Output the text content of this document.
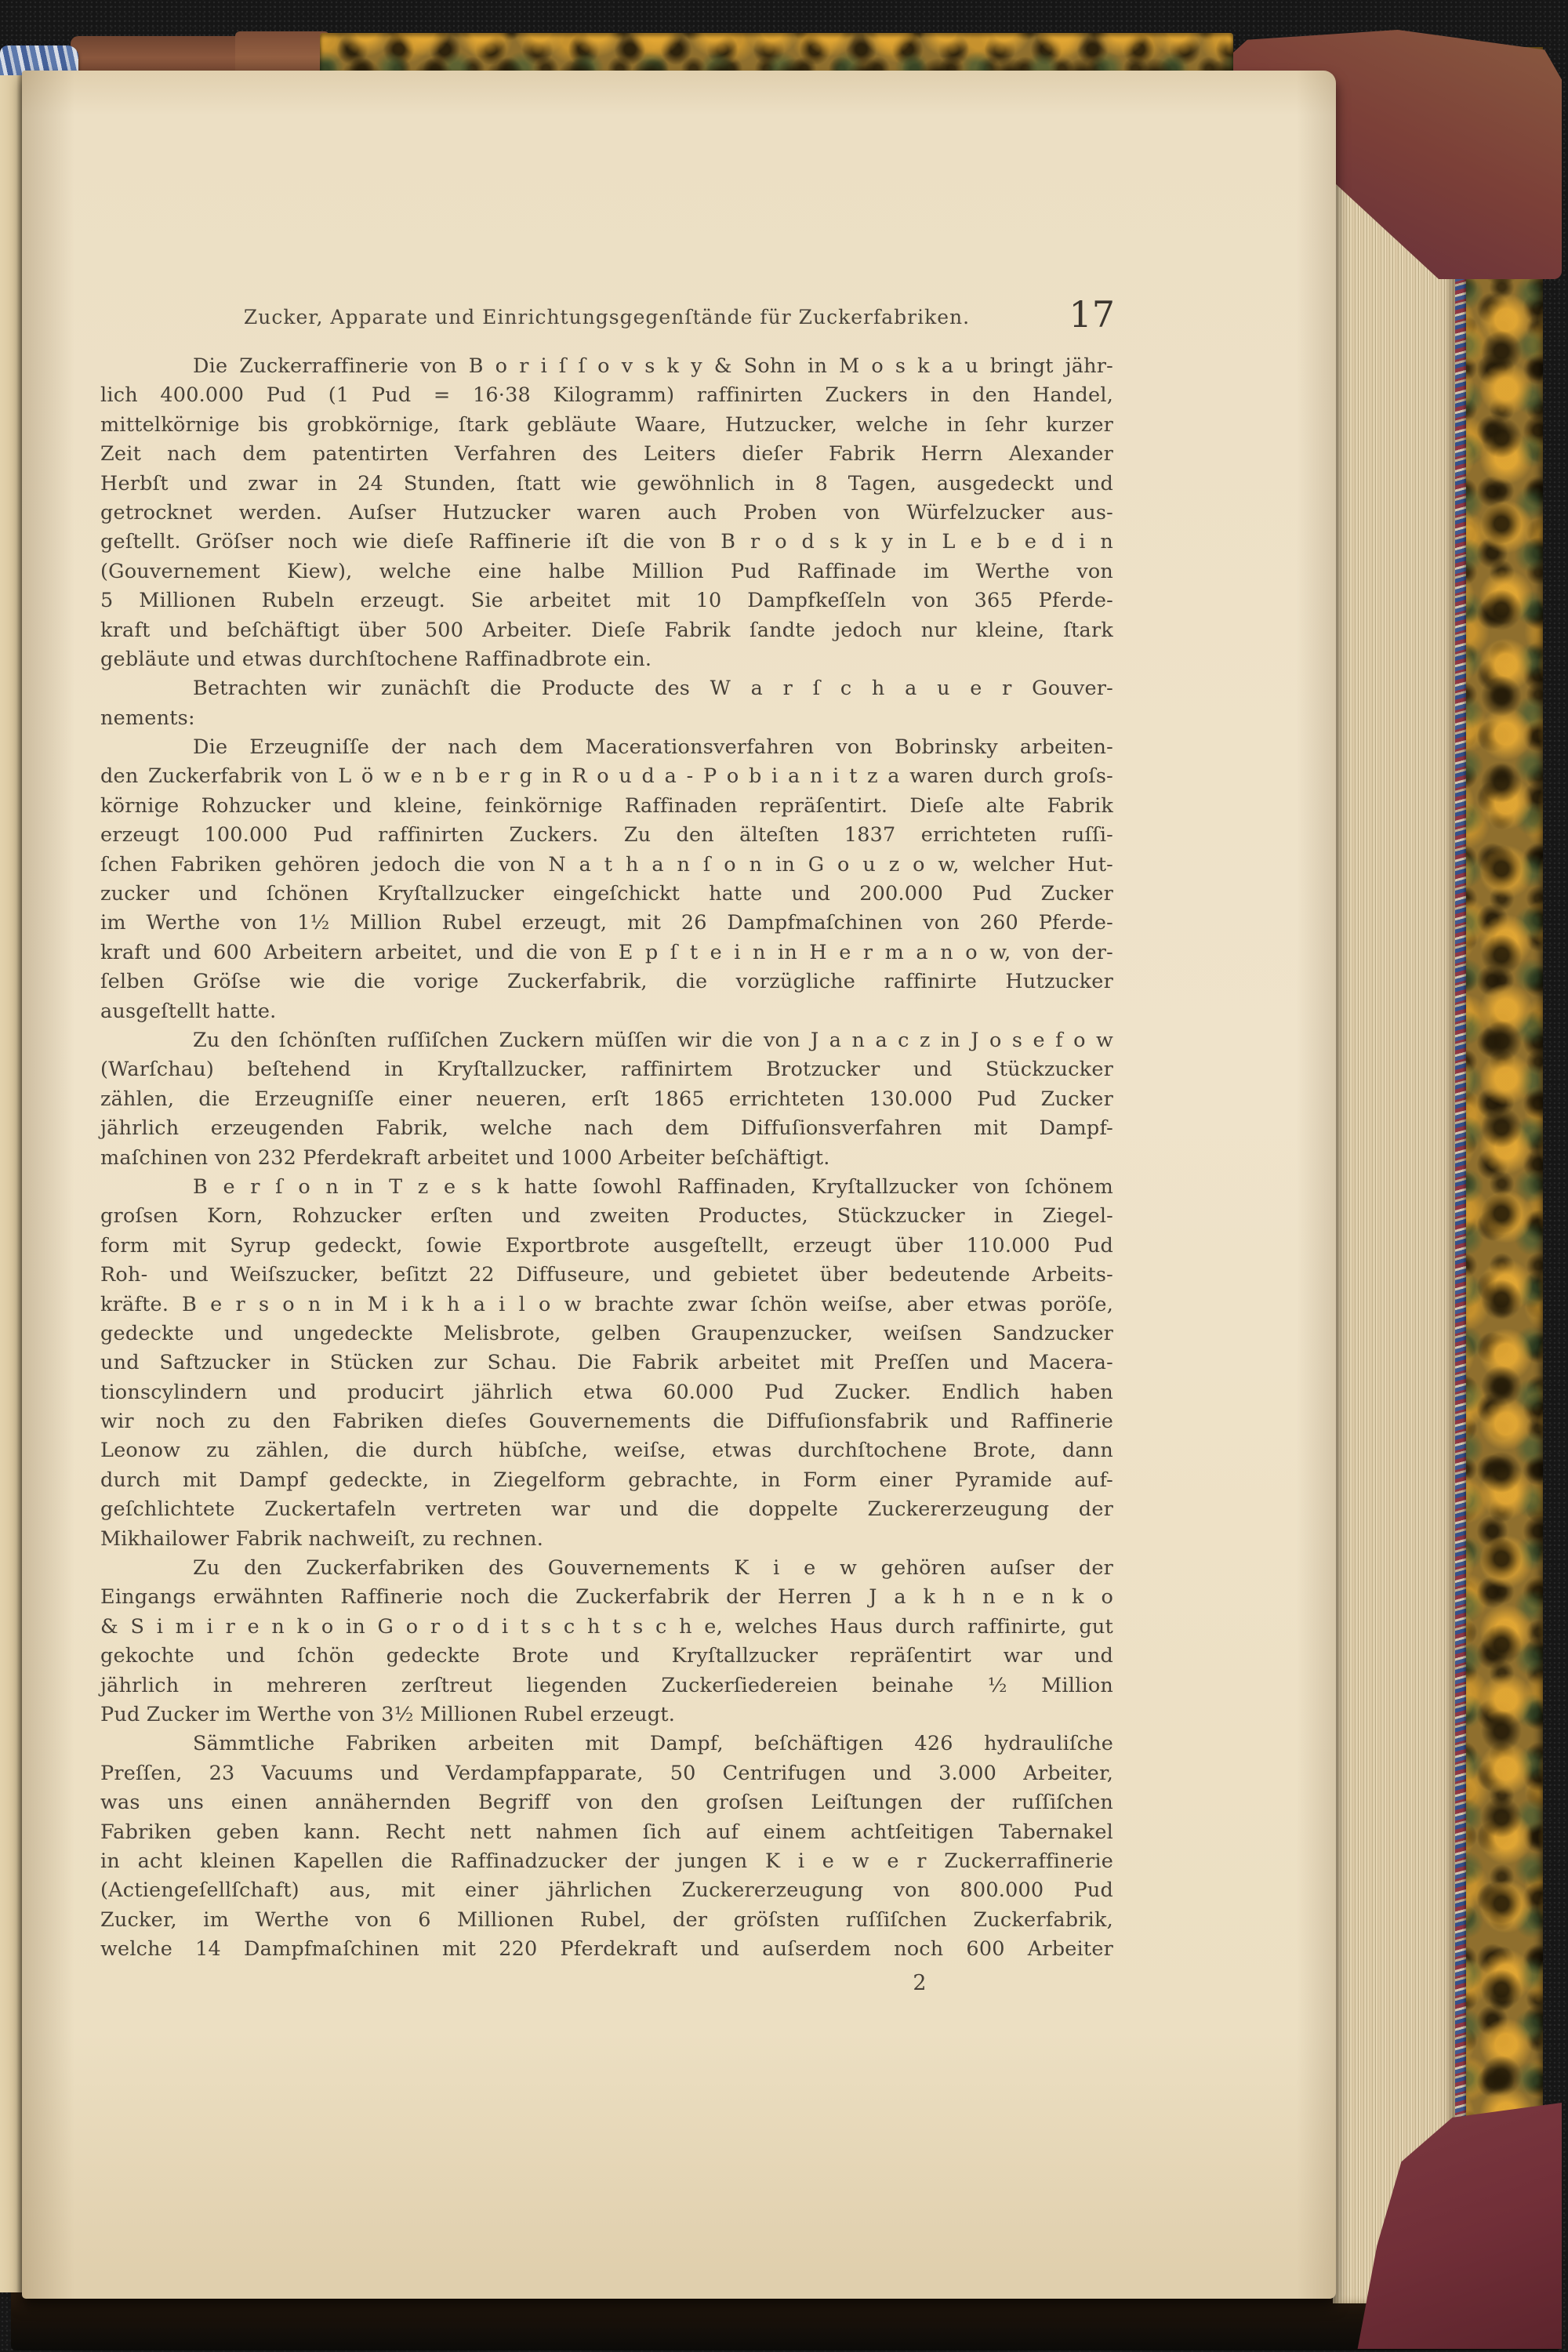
Zucker, Apparate und Einrichtungsgegenſtände für Zuckerfabriken.	17
Die Zuckerraffinerie von B o r i ſ ſ o v s k y & Sohn in M o s k a u bringt jähr-
lich 400.000 Pud (1 Pud = 16·38 Kilogramm) raffinirten Zuckers in den Handel,
mittelkörnige bis grobkörnige, ſtark gebläute Waare, Hutzucker, welche in ſehr kurzer
Zeit nach dem patentirten Verfahren des Leiters dieſer Fabrik Herrn Alexander
Herbſt und zwar in 24 Stunden, ſtatt wie gewöhnlich in 8 Tagen, ausgedeckt und
getrocknet werden. Auſser Hutzucker waren auch Proben von Würfelzucker aus-
geſtellt. Gröſser noch wie dieſe Raffinerie iſt die von B r o d s k y in L e b e d i n
(Gouvernement Kiew), welche eine halbe Million Pud Raffinade im Werthe von
5 Millionen Rubeln erzeugt. Sie arbeitet mit 10 Dampfkeſſeln von 365 Pferde-
kraft und beſchäftigt über 500 Arbeiter. Dieſe Fabrik ſandte jedoch nur kleine, ſtark
gebläute und etwas durchſtochene Raffinadbrote ein.
Betrachten wir zunächſt die Producte des W a r ſ c h a u e r Gouver-
nements:
Die Erzeugniſſe der nach dem Macerationsverfahren von Bobrinsky arbeiten-
den Zuckerfabrik von L ö w e n b e r g in R o u d a - P o b i a n i t z a waren durch groſs-
körnige Rohzucker und kleine, feinkörnige Raffinaden repräſentirt. Dieſe alte Fabrik
erzeugt 100.000 Pud raffinirten Zuckers. Zu den älteſten 1837 errichteten ruſſi-
ſchen Fabriken gehören jedoch die von N a t h a n ſ o n in G o u z o w, welcher Hut-
zucker und ſchönen Kryſtallzucker eingeſchickt hatte und 200.000 Pud Zucker
im Werthe von 1½ Million Rubel erzeugt, mit 26 Dampfmaſchinen von 260 Pferde-
kraft und 600 Arbeitern arbeitet, und die von E p ſ t e i n in H e r m a n o w, von der-
ſelben Gröſse wie die vorige Zuckerfabrik, die vorzügliche raffinirte Hutzucker
ausgeſtellt hatte.
Zu den ſchönſten ruſſiſchen Zuckern müſſen wir die von J a n a c z in J o s e f o w
(Warſchau) beſtehend in Kryſtallzucker, raffinirtem Brotzucker und Stückzucker
zählen, die Erzeugniſſe einer neueren, erſt 1865 errichteten 130.000 Pud Zucker
jährlich erzeugenden Fabrik, welche nach dem Diffuſionsverfahren mit Dampf-
maſchinen von 232 Pferdekraft arbeitet und 1000 Arbeiter beſchäftigt.
B e r ſ o n in T z e s k hatte ſowohl Raffinaden, Kryſtallzucker von ſchönem
groſsen Korn, Rohzucker erſten und zweiten Productes, Stückzucker in Ziegel-
form mit Syrup gedeckt, ſowie Exportbrote ausgeſtellt, erzeugt über 110.000 Pud
Roh- und Weiſszucker, beſitzt 22 Diffuseure, und gebietet über bedeutende Arbeits-
kräfte. B e r s o n in M i k h a i l o w brachte zwar ſchön weiſse, aber etwas poröſe,
gedeckte und ungedeckte Melisbrote, gelben Graupenzucker, weiſsen Sandzucker
und Saftzucker in Stücken zur Schau. Die Fabrik arbeitet mit Preſſen und Macera-
tionscylindern und producirt jährlich etwa 60.000 Pud Zucker. Endlich haben
wir noch zu den Fabriken dieſes Gouvernements die Diffuſionsfabrik und Raffinerie
Leonow zu zählen, die durch hübſche, weiſse, etwas durchſtochene Brote, dann
durch mit Dampf gedeckte, in Ziegelform gebrachte, in Form einer Pyramide auf-
geſchlichtete Zuckertafeln vertreten war und die doppelte Zuckererzeugung der
Mikhailower Fabrik nachweiſt, zu rechnen.
Zu den Zuckerfabriken des Gouvernements K i e w gehören auſser der
Eingangs erwähnten Raffinerie noch die Zuckerfabrik der Herren J a k h n e n k o
& S i m i r e n k o in G o r o d i t s c h t s c h e, welches Haus durch raffinirte, gut
gekochte und ſchön gedeckte Brote und Kryſtallzucker repräſentirt war und
jährlich in mehreren zerſtreut liegenden Zuckerſiedereien beinahe ½ Million
Pud Zucker im Werthe von 3½ Millionen Rubel erzeugt.
Sämmtliche Fabriken arbeiten mit Dampf, beſchäftigen 426 hydrauliſche
Preſſen, 23 Vacuums und Verdampfapparate, 50 Centrifugen und 3.000 Arbeiter,
was uns einen annähernden Begriff von den groſsen Leiſtungen der ruſſiſchen
Fabriken geben kann. Recht nett nahmen ſich auf einem achtſeitigen Tabernakel
in acht kleinen Kapellen die Raffinadzucker der jungen K i e w e r Zuckerraffinerie
(Actiengeſellſchaft) aus, mit einer jährlichen Zuckererzeugung von 800.000 Pud
Zucker, im Werthe von 6 Millionen Rubel, der gröſsten ruſſiſchen Zuckerfabrik,
welche 14 Dampfmaſchinen mit 220 Pferdekraft und auſserdem noch 600 Arbeiter
2
